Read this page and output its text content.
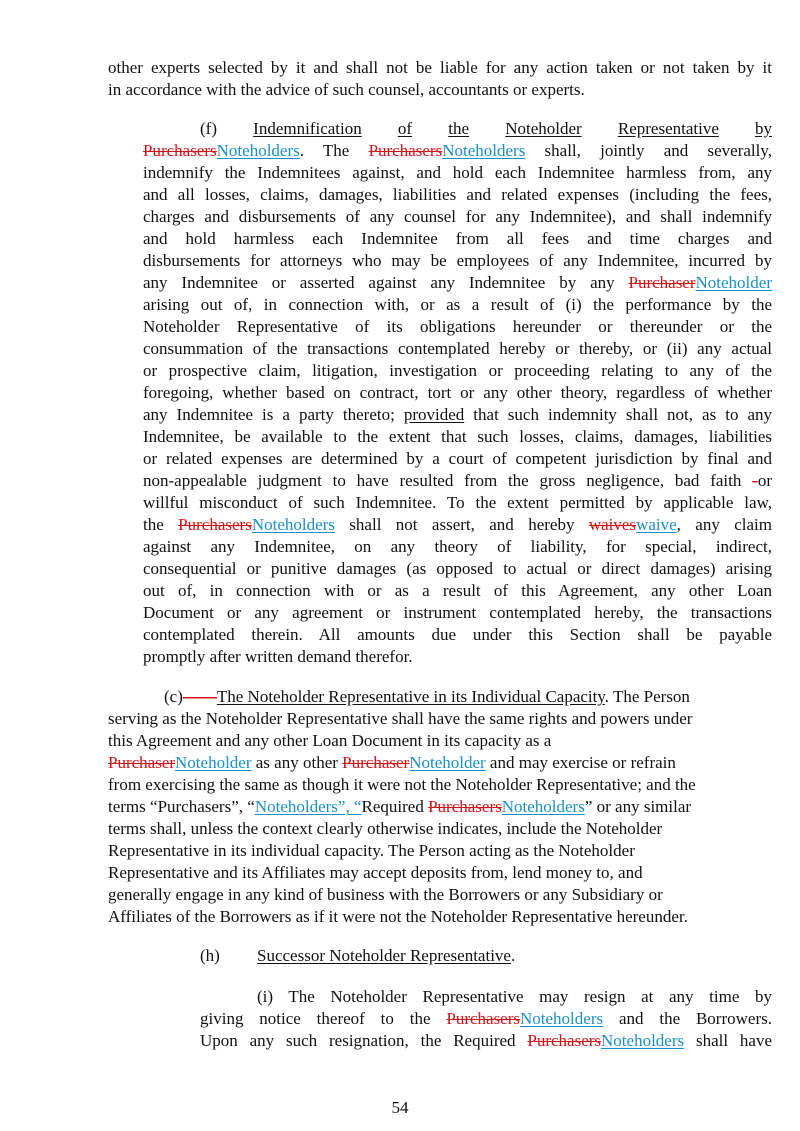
other experts selected by it and shall not be liable for any action taken or not taken by it
in accordance with the advice of such counsel, accountants or experts.
(f) Indemnification of the Noteholder Representative by
PurchasersNoteholders. The PurchasersNoteholders shall, jointly and severally,
indemnify the Indemnitees against, and hold each Indemnitee harmless from, any
and all losses, claims, damages, liabilities and related expenses (including the fees,
charges and disbursements of any counsel for any Indemnitee), and shall indemnify
and hold harmless each Indemnitee from all fees and time charges and
disbursements for attorneys who may be employees of any Indemnitee, incurred by
any Indemnitee or asserted against any Indemnitee by any PurchaserNoteholder
arising out of, in connection with, or as a result of (i) the performance by the
Noteholder Representative of its obligations hereunder or thereunder or the
consummation of the transactions contemplated hereby or thereby, or (ii) any actual
or prospective claim, litigation, investigation or proceeding relating to any of the
foregoing, whether based on contract, tort or any other theory, regardless of whether
any Indemnitee is a party thereto; provided that such indemnity shall not, as to any
Indemnitee, be available to the extent that such losses, claims, damages, liabilities
or related expenses are determined by a court of competent jurisdiction by final and
non-appealable judgment to have resulted from the gross negligence, bad faith -or
willful misconduct of such Indemnitee. To the extent permitted by applicable law,
the PurchasersNoteholders shall not assert, and hereby waiveswaive, any claim
against any Indemnitee, on any theory of liability, for special, indirect,
consequential or punitive damages (as opposed to actual or direct damages) arising
out of, in connection with or as a result of this Agreement, any other Loan
Document or any agreement or instrument contemplated hereby, the transactions
contemplated therein. All amounts due under this Section shall be payable
promptly after written demand therefor.
(c)——The Noteholder Representative in its Individual Capacity. The Person
serving as the Noteholder Representative shall have the same rights and powers under
this Agreement and any other Loan Document in its capacity as a
PurchaserNoteholder as any other PurchaserNoteholder and may exercise or refrain
from exercising the same as though it were not the Noteholder Representative; and the
terms “Purchasers”, “Noteholders”, “Required PurchasersNoteholders” or any similar
terms shall, unless the context clearly otherwise indicates, include the Noteholder
Representative in its individual capacity. The Person acting as the Noteholder
Representative and its Affiliates may accept deposits from, lend money to, and
generally engage in any kind of business with the Borrowers or any Subsidiary or
Affiliates of the Borrowers as if it were not the Noteholder Representative hereunder.
(h) Successor Noteholder Representative.
(i) The Noteholder Representative may resign at any time by
giving notice thereof to the PurchasersNoteholders and the Borrowers.
Upon any such resignation, the Required PurchasersNoteholders shall have
54
